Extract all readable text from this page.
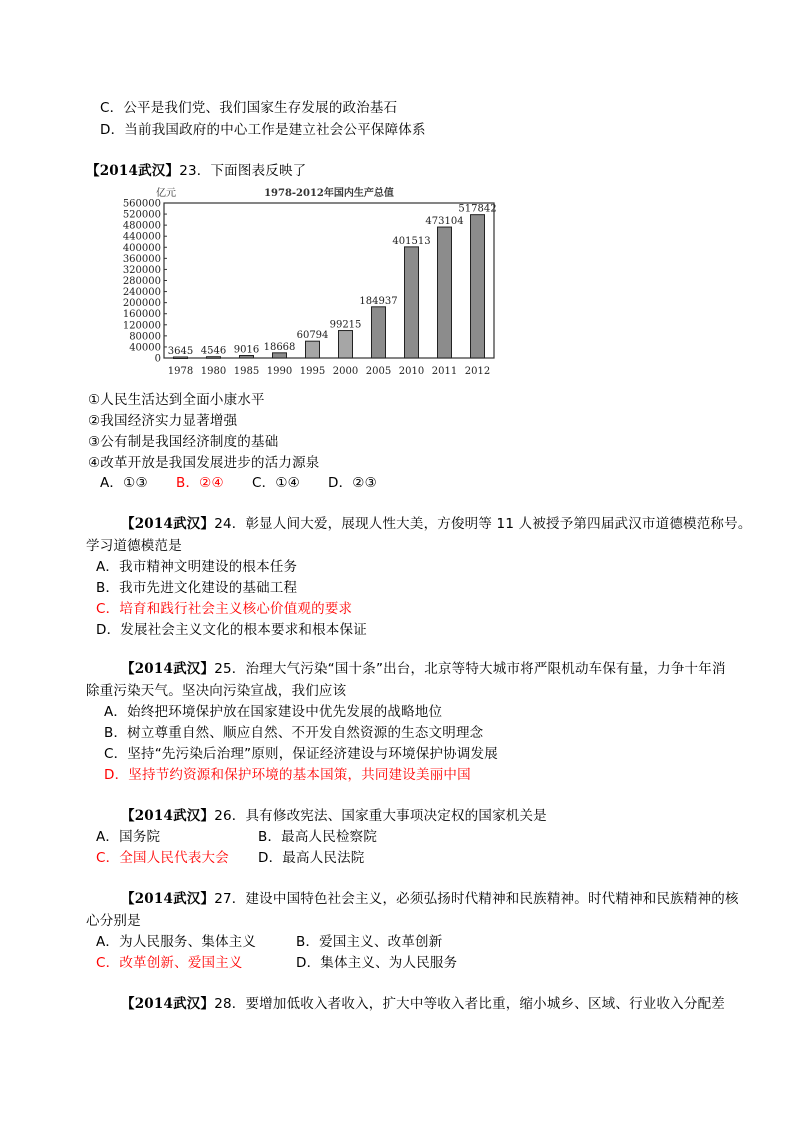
C．公平是我们党、我们国家生存发展的政治基石
D．当前我国政府的中心工作是建立社会公平保障体系
【2014武汉】23．下面图表反映了
亿元	1978-2012年国内生产总值
0
40000
80000
120000
160000
200000
240000
280000
320000
360000
400000
440000
480000
520000
560000
3645
1978
4546
1980
9016
1985
18668
1990
60794
1995
99215
2000
184937
2005
401513
2010
473104
2011
517842
2012
①人民生活达到全面小康水平
②我国经济实力显著增强
③公有制是我国经济制度的基础
④改革开放是我国发展进步的活力源泉
A．①③ B．②④ C．①④ D．②③
【2014武汉】24．彰显人间大爱，展现人性大美，方俊明等 11 人被授予第四届武汉市道德模范称号。
学习道德模范是
A．我市精神文明建设的根本任务
B．我市先进文化建设的基础工程
C．培育和践行社会主义核心价值观的要求
D．发展社会主义文化的根本要求和根本保证
【2014武汉】25．治理大气污染“国十条”出台，北京等特大城市将严限机动车保有量，力争十年消
除重污染天气。坚决向污染宣战，我们应该
A．始终把环境保护放在国家建设中优先发展的战略地位
B．树立尊重自然、顺应自然、不开发自然资源的生态文明理念
C．坚持“先污染后治理”原则，保证经济建设与环境保护协调发展
D．坚持节约资源和保护环境的基本国策，共同建设美丽中国
【2014武汉】26．具有修改宪法、国家重大事项决定权的国家机关是
A．国务院	B．最高人民检察院
C．全国人民代表大会 D．最高人民法院
【2014武汉】27．建设中国特色社会主义，必须弘扬时代精神和民族精神。时代精神和民族精神的核
心分别是
A．为人民服务、集体主义	B．爱国主义、改革创新
C．改革创新、爱国主义	D．集体主义、为人民服务
【2014武汉】28．要增加低收入者收入，扩大中等收入者比重，缩小城乡、区域、行业收入分配差
